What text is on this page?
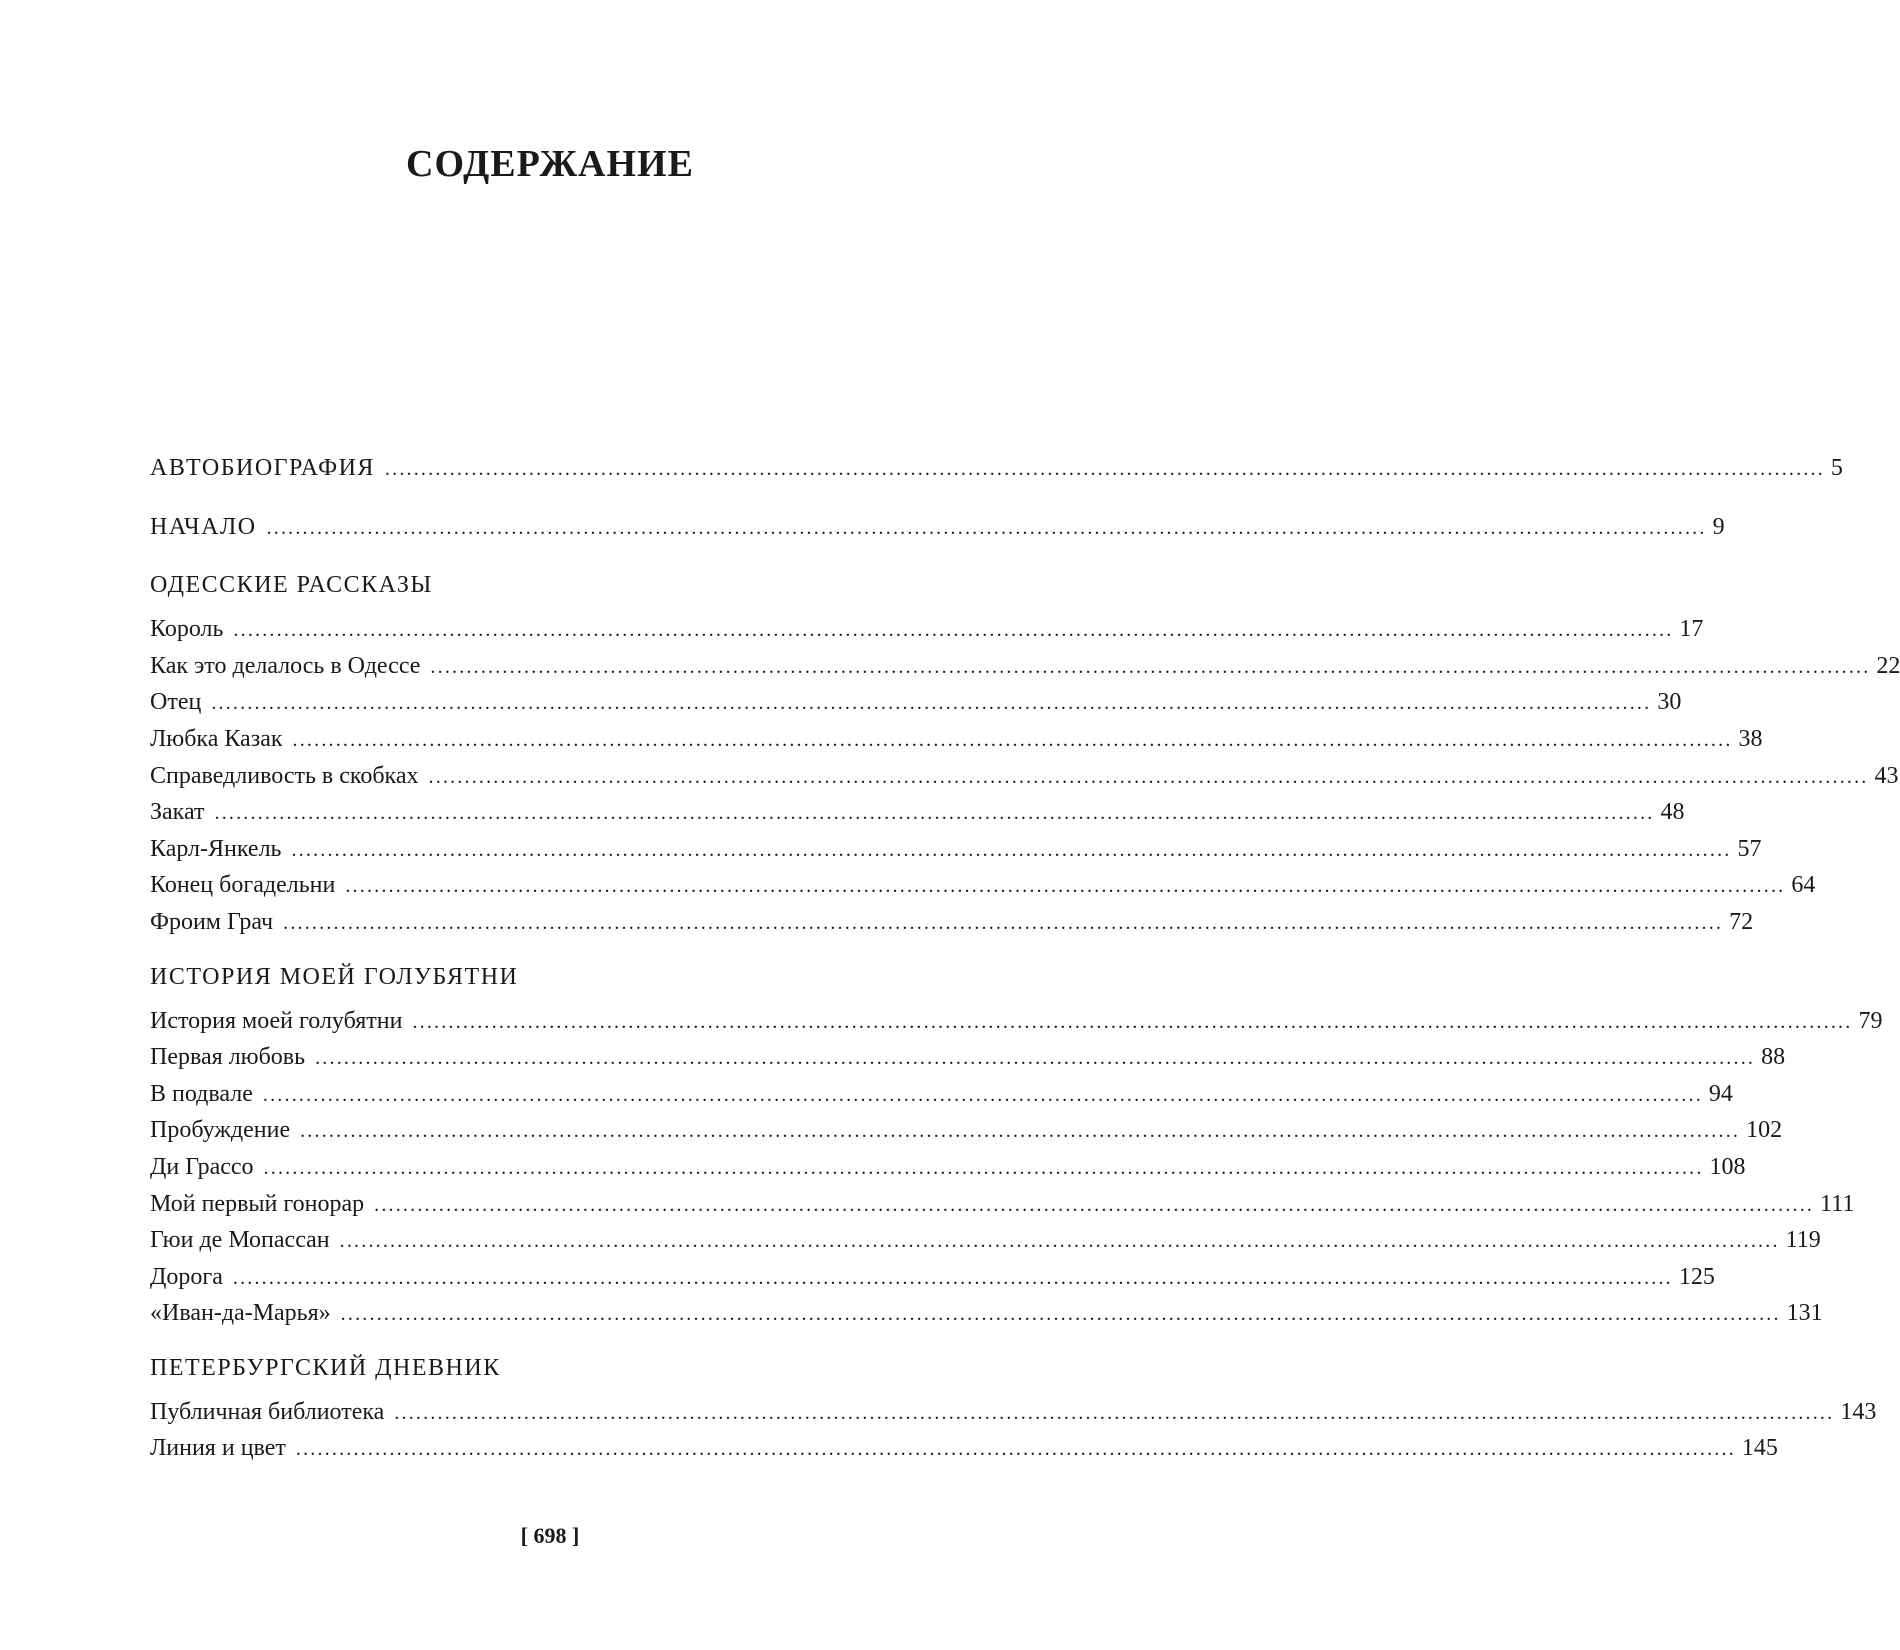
СОДЕРЖАНИЕ
АВТОБИОГРАФИЯ ........................................................................................................................................................................................................ 5
НАЧАЛО ........................................................................................................................................................................................................ 9
ОДЕССКИЕ РАССКАЗЫ
Король ........................................................................................................................................................................................................ 17
Как это делалось в Одессе ........................................................................................................................................................................................................ 22
Отец ........................................................................................................................................................................................................ 30
Любка Казак ........................................................................................................................................................................................................ 38
Справедливость в скобках ........................................................................................................................................................................................................ 43
Закат ........................................................................................................................................................................................................ 48
Карл-Янкель ........................................................................................................................................................................................................ 57
Конец богадельни ........................................................................................................................................................................................................ 64
Фроим Грач ........................................................................................................................................................................................................ 72
ИСТОРИЯ МОЕЙ ГОЛУБЯТНИ
История моей голубятни ........................................................................................................................................................................................................ 79
Первая любовь ........................................................................................................................................................................................................ 88
В подвале ........................................................................................................................................................................................................ 94
Пробуждение ........................................................................................................................................................................................................ 102
Ди Грассо ........................................................................................................................................................................................................ 108
Мой первый гонорар ........................................................................................................................................................................................................ 111
Гюи де Мопассан ........................................................................................................................................................................................................ 119
Дорога ........................................................................................................................................................................................................ 125
«Иван-да-Марья» ........................................................................................................................................................................................................ 131
ПЕТЕРБУРГСКИЙ ДНЕВНИК
Публичная библиотека ........................................................................................................................................................................................................ 143
Линия и цвет ........................................................................................................................................................................................................ 145
[ 698 ]
